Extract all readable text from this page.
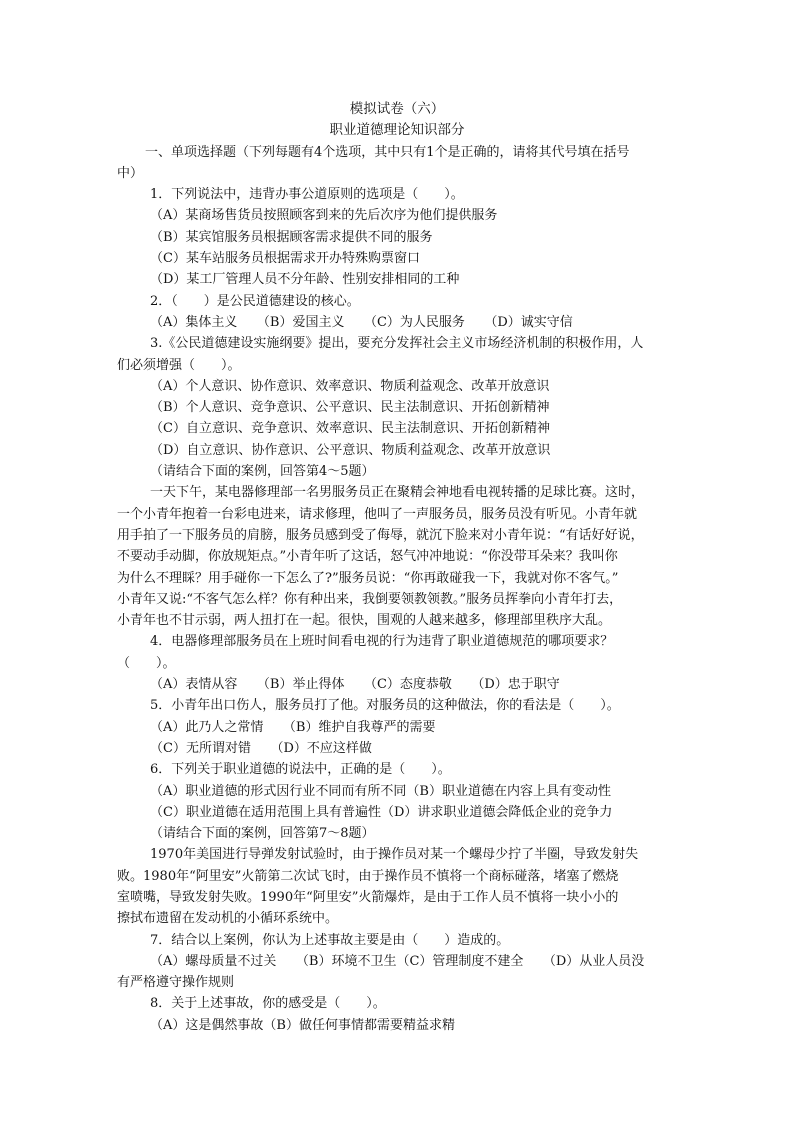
模拟试卷（六）
职业道德理论知识部分
一、单项选择题（下列每题有4个选项，其中只有1个是正确的，请将其代号填在括号
中）
1．下列说法中，违背办事公道原则的选项是（　　）。
（A）某商场售货员按照顾客到来的先后次序为他们提供服务
（B）某宾馆服务员根据顾客需求提供不同的服务
（C）某车站服务员根据需求开办特殊购票窗口
（D）某工厂管理人员不分年龄、性别安排相同的工种
2．（　　）是公民道德建设的核心。
（A）集体主义　　（B）爱国主义　　（C）为人民服务　　（D）诚实守信
3.《公民道德建设实施纲要》提出，要充分发挥社会主义市场经济机制的积极作用，人
们必须增强（　　）。
（A）个人意识、协作意识、效率意识、物质利益观念、改革开放意识
（B）个人意识、竞争意识、公平意识、民主法制意识、开拓创新精神
（C）自立意识、竞争意识、效率意识、民主法制意识、开拓创新精神
（D）自立意识、协作意识、公平意识、物质利益观念、改革开放意识
（请结合下面的案例，回答第4～5题）
一天下午，某电器修理部一名男服务员正在聚精会神地看电视转播的足球比赛。这时，
一个小青年抱着一台彩电进来，请求修理，他叫了一声服务员，服务员没有听见。小青年就
用手拍了一下服务员的肩膀，服务员感到受了侮辱，就沉下脸来对小青年说：“有话好好说，
不要动手动脚，你放规矩点。”小青年听了这话，怒气冲冲地说：“你没带耳朵来？我叫你
为什么不理睬？用手碰你一下怎么了?”服务员说：“你再敢碰我一下，我就对你不客气。”
小青年又说:“不客气怎么样？你有种出来，我倒要领教领教。”服务员挥拳向小青年打去，
小青年也不甘示弱，两人扭打在一起。很快，围观的人越来越多，修理部里秩序大乱。
4．电器修理部服务员在上班时间看电视的行为违背了职业道德规范的哪项要求？
（　　）。
（A）表情从容　　（B）举止得体　　（C）态度恭敬　　（D）忠于职守
5．小青年出口伤人，服务员打了他。对服务员的这种做法，你的看法是（　　）。
（A）此乃人之常情　　（B）维护自我尊严的需要
（C）无所谓对错　　（D）不应这样做
6．下列关于职业道德的说法中，正确的是（　　）。
（A）职业道德的形式因行业不同而有所不同（B）职业道德在内容上具有变动性
（C）职业道德在适用范围上具有普遍性（D）讲求职业道德会降低企业的竞争力
（请结合下面的案例，回答第7～8题）
1970年美国进行导弹发射试验时，由于操作员对某一个螺母少拧了半圈，导致发射失
败。1980年“阿里安”火箭第二次试飞时，由于操作员不慎将一个商标碰落，堵塞了燃烧
室喷嘴，导致发射失败。1990年“阿里安”火箭爆炸，是由于工作人员不慎将一块小小的
擦拭布遗留在发动机的小循环系统中。
7．结合以上案例，你认为上述事故主要是由（　　）造成的。
（A）螺母质量不过关　　（B）环境不卫生（C）管理制度不建全　　（D）从业人员没
有严格遵守操作规则
8．关于上述事故，你的感受是（　　）。
（A）这是偶然事故（B）做任何事情都需要精益求精
